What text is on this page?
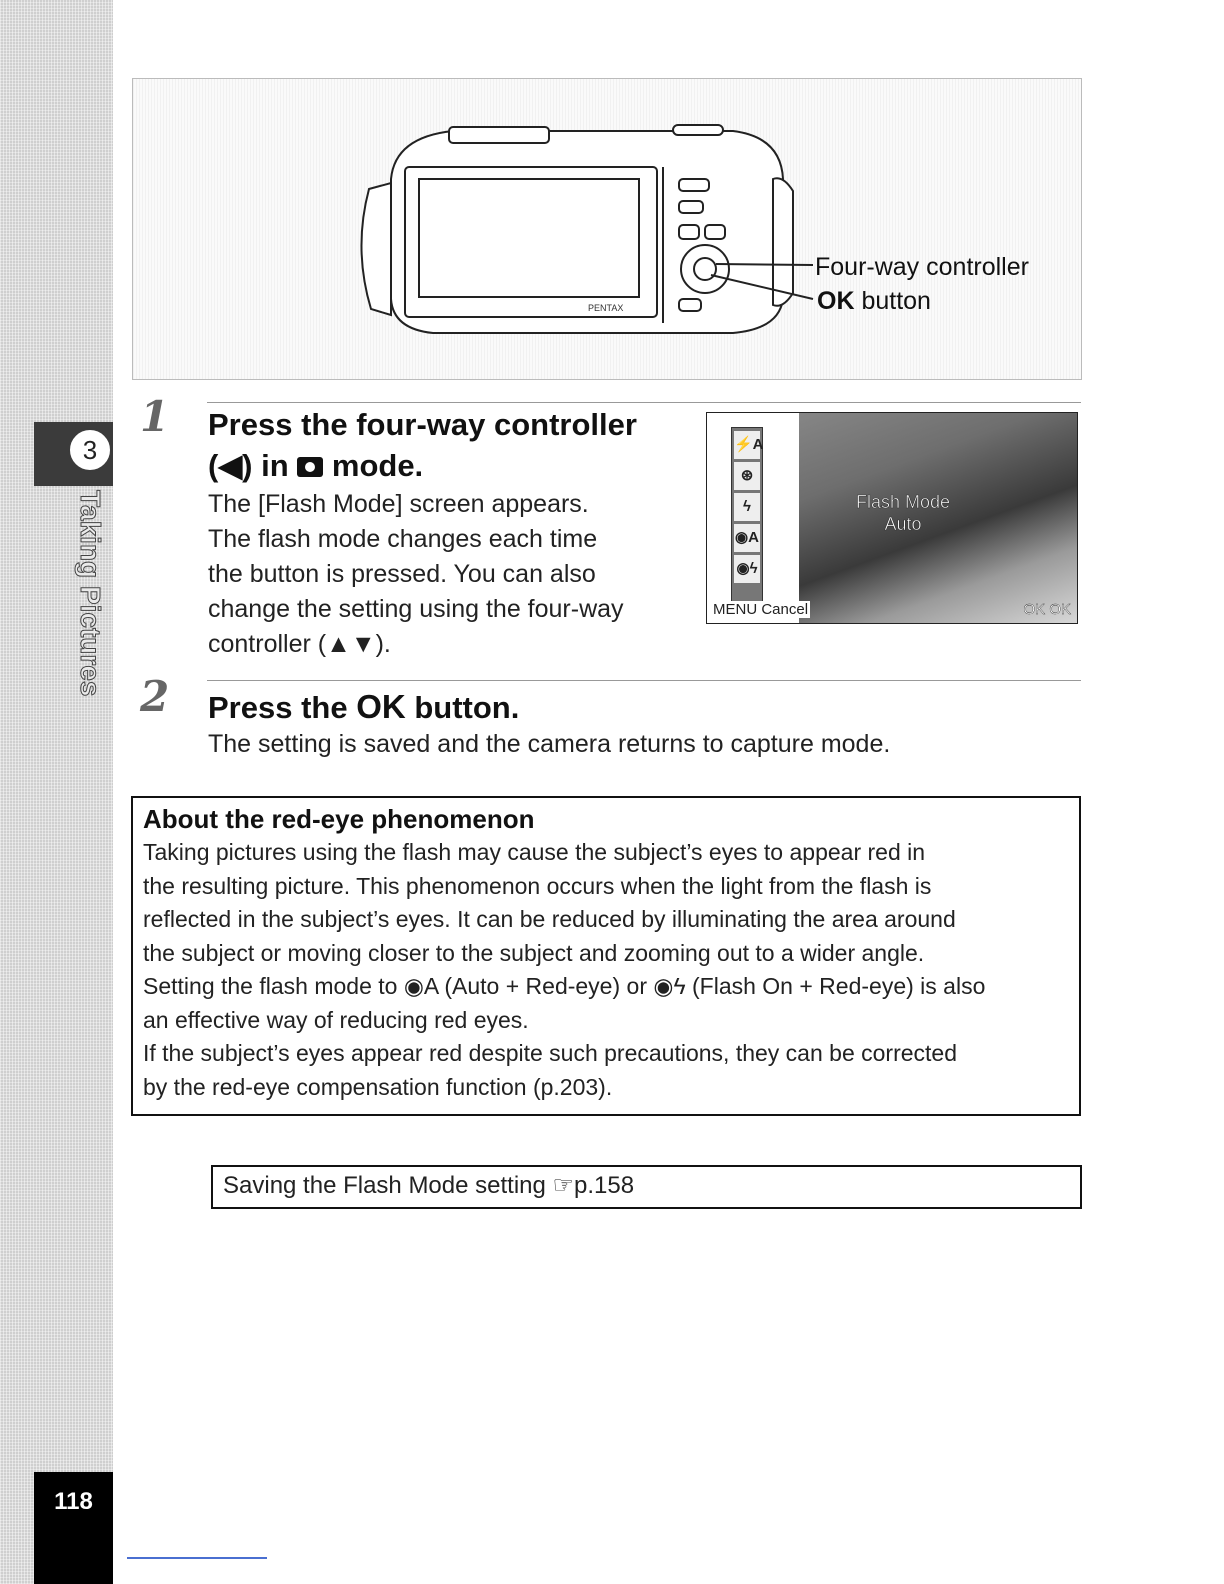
3
Taking Pictures
118
PENTAX
Four-way controller
OK button
1 Press the four-way controller
(◀) in
mode.
The [Flash Mode] screen appears.
The flash mode changes each time
the button is pressed. You can also
change the setting using the four-way
controller (▲▼).
⚡A
⊛
ϟ
◉A
◉ϟ
Flash Mode
Auto
MENU Cancel	OK OK
2 Press the OK button.
The setting is saved and the camera returns to capture mode.
About the red-eye phenomenon
Taking pictures using the flash may cause the subject’s eyes to appear red in
the resulting picture. This phenomenon occurs when the light from the flash is
reflected in the subject’s eyes. It can be reduced by illuminating the area around
the subject or moving closer to the subject and zooming out to a wider angle.
Setting the flash mode to ◉A (Auto + Red-eye) or ◉ϟ (Flash On + Red-eye) is also
an effective way of reducing red eyes.
If the subject’s eyes appear red despite such precautions, they can be corrected
by the red-eye compensation function (p.203).
Saving the Flash Mode setting ☞p.158
